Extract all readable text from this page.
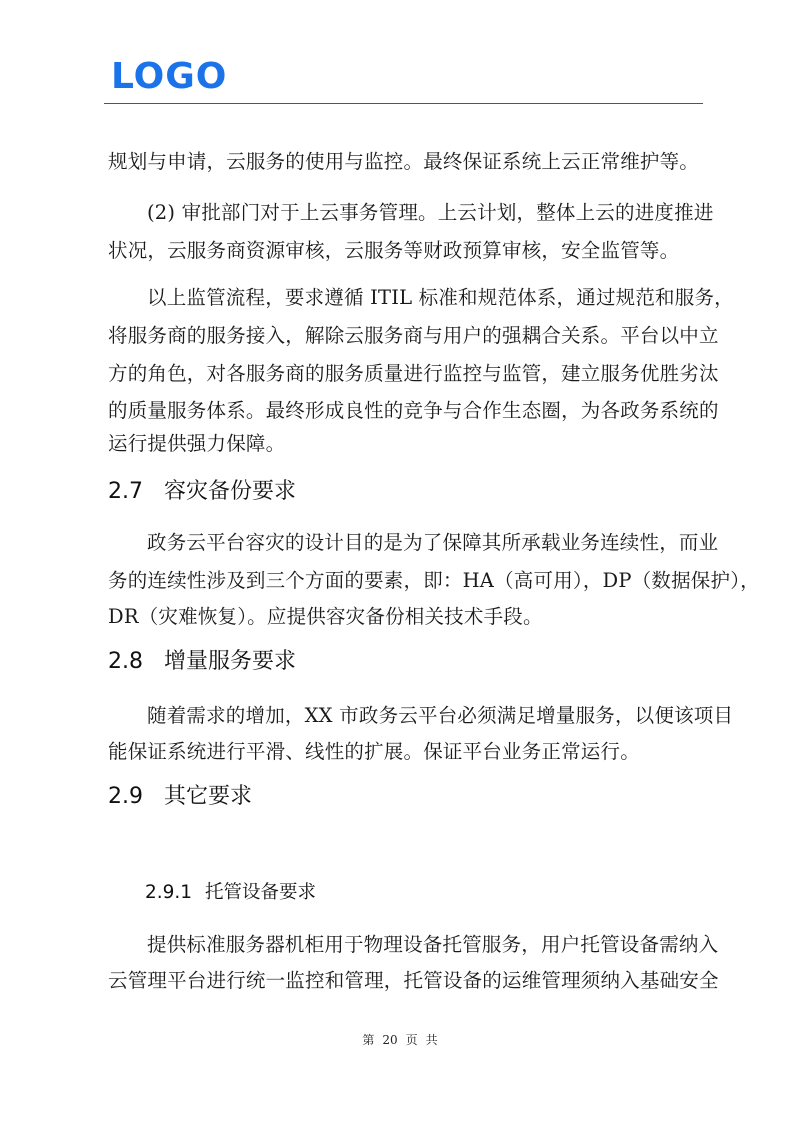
LOGO
规划与申请，云服务的使用与监控。最终保证系统上云正常维护等。
(2) 审批部门对于上云事务管理。上云计划，整体上云的进度推进
状况，云服务商资源审核，云服务等财政预算审核，安全监管等。
以上监管流程，要求遵循 ITIL 标准和规范体系，通过规范和服务，
将服务商的服务接入，解除云服务商与用户的强耦合关系。平台以中立
方的角色，对各服务商的服务质量进行监控与监管，建立服务优胜劣汰
的质量服务体系。最终形成良性的竞争与合作生态圈，为各政务系统的
运行提供强力保障。
2.7 容灾备份要求
政务云平台容灾的设计目的是为了保障其所承载业务连续性，而业
务的连续性涉及到三个方面的要素，即：HA（高可用），DP（数据保护），
DR（灾难恢复）。应提供容灾备份相关技术手段。
2.8 增量服务要求
随着需求的增加，XX 市政务云平台必须满足增量服务，以便该项目
能保证系统进行平滑、线性的扩展。保证平台业务正常运行。
2.9 其它要求
2.9.1 托管设备要求
提供标准服务器机柜用于物理设备托管服务，用户托管设备需纳入
云管理平台进行统一监控和管理，托管设备的运维管理须纳入基础安全
第 20 页 共
